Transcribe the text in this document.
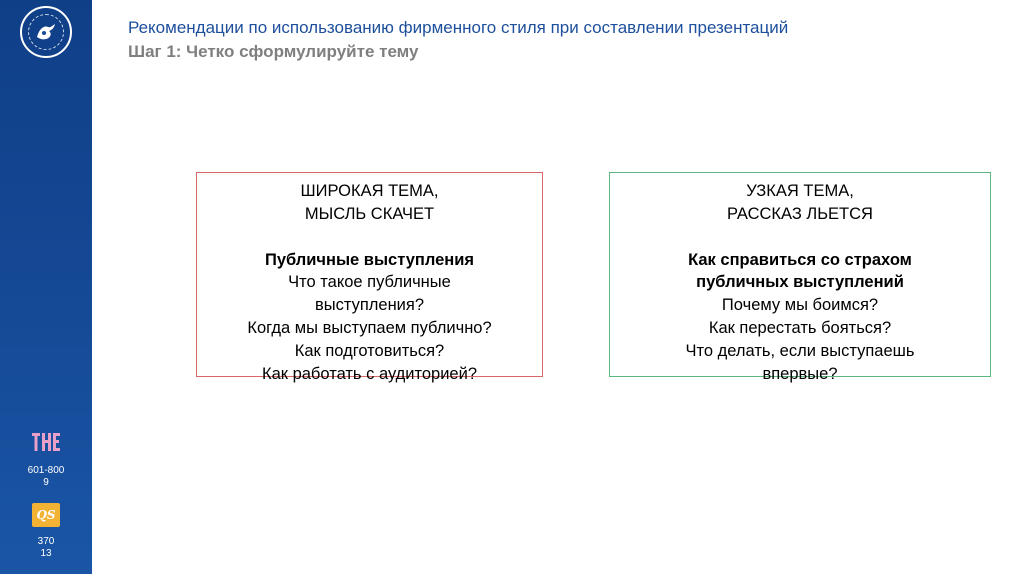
601-800
9
QS
370
13
Рекомендации по использованию фирменного стиля при составлении презентаций
Шаг 1: Четко сформулируйте тему
ШИРОКАЯ ТЕМА,
МЫСЛЬ СКАЧЕТ
Публичные выступления
Что такое публичные
выступления?
Когда мы выступаем публично?
Как подготовиться?
Как работать с аудиторией?
УЗКАЯ ТЕМА,
РАССКАЗ ЛЬЕТСЯ
Как справиться со страхом
публичных выступлений
Почему мы боимся?
Как перестать бояться?
Что делать, если выступаешь
впервые?
